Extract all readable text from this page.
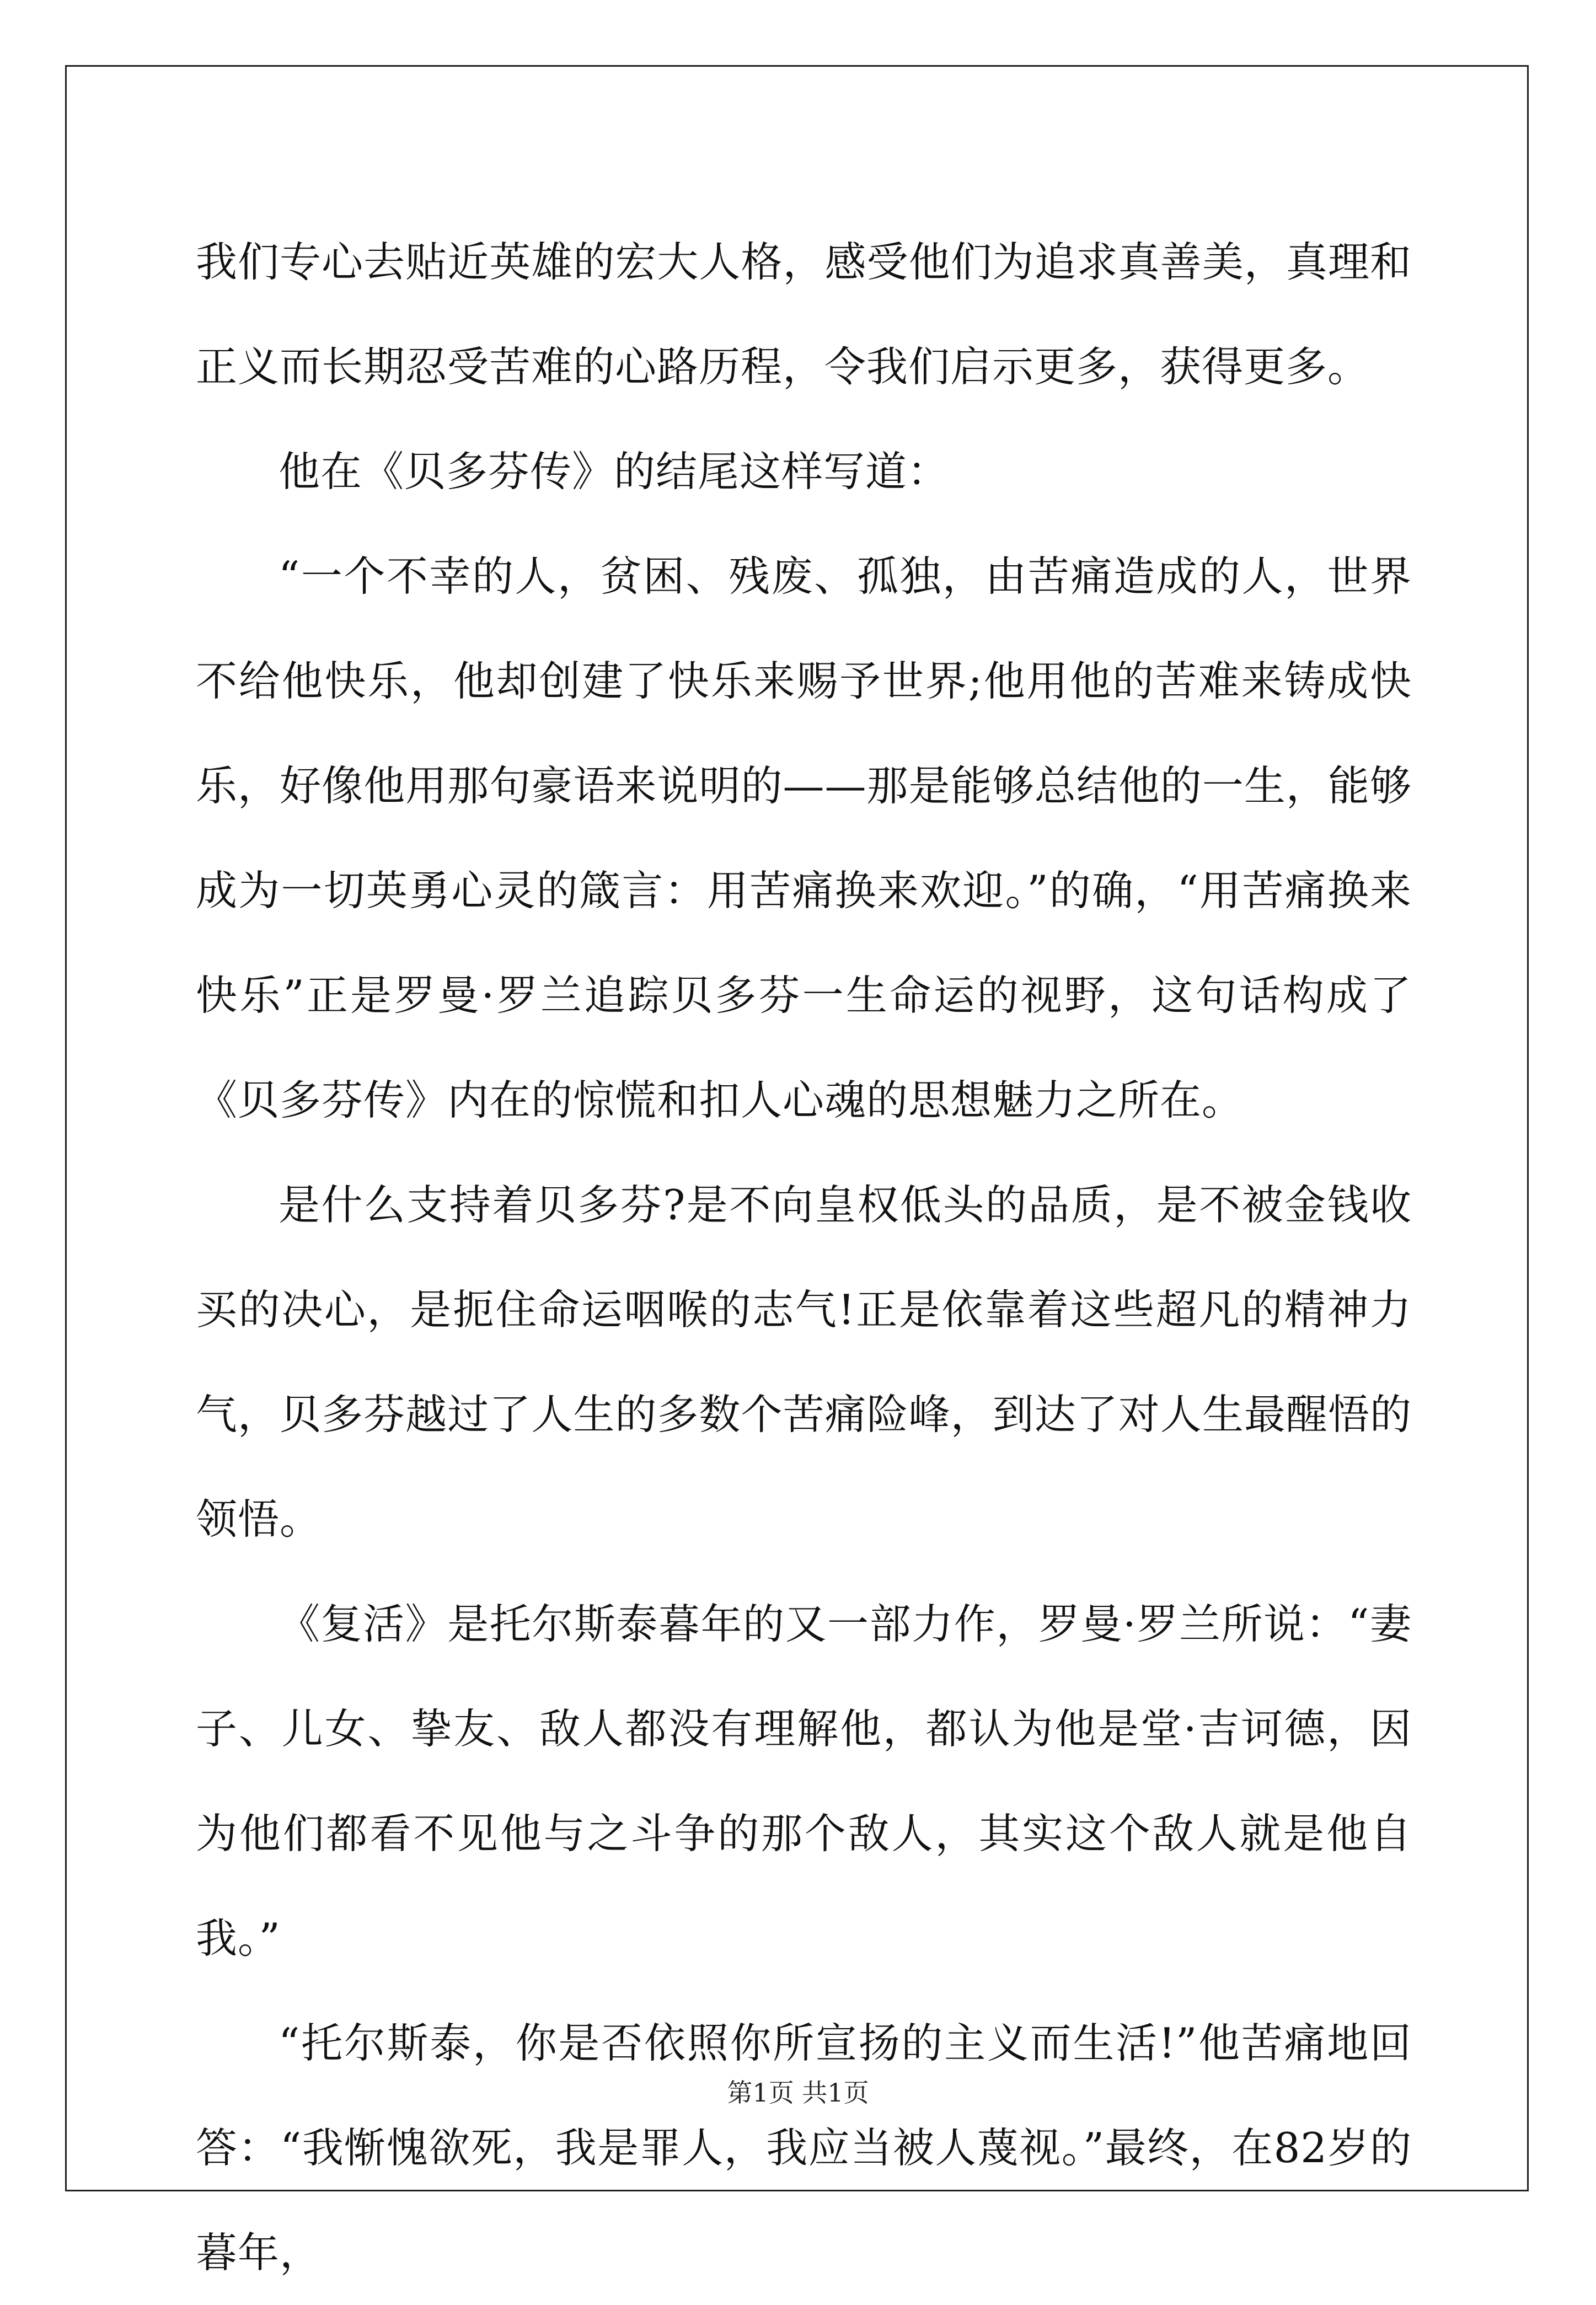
我们专心去贴近英雄的宏大人格，感受他们为追求真善美，真理和正义而长期忍受苦难的心路历程，令我们启示更多，获得更多。

他在《贝多芬传》的结尾这样写道：

“一个不幸的人，贫困、残废、孤独，由苦痛造成的人，世界不给他快乐，他却创建了快乐来赐予世界;他用他的苦难来铸成快乐，好像他用那句豪语来说明的——那是能够总结他的一生，能够成为一切英勇心灵的箴言：用苦痛换来欢迎。”的确，“用苦痛换来快乐”正是罗曼·罗兰追踪贝多芬一生命运的视野，这句话构成了《贝多芬传》内在的惊慌和扣人心魂的思想魅力之所在。

是什么支持着贝多芬?是不向皇权低头的品质，是不被金钱收买的决心，是扼住命运咽喉的志气!正是依靠着这些超凡的精神力气，贝多芬越过了人生的多数个苦痛险峰，到达了对人生最醒悟的领悟。

《复活》是托尔斯泰暮年的又一部力作，罗曼·罗兰所说：“妻子、儿女、挚友、敌人都没有理解他，都认为他是堂·吉诃德，因为他们都看不见他与之斗争的那个敌人，其实这个敌人就是他自我。”

“托尔斯泰，你是否依照你所宣扬的主义而生活!”他苦痛地回答：“我惭愧欲死，我是罪人，我应当被人蔑视。”最终，在82岁的暮年，

第1页 共1页
